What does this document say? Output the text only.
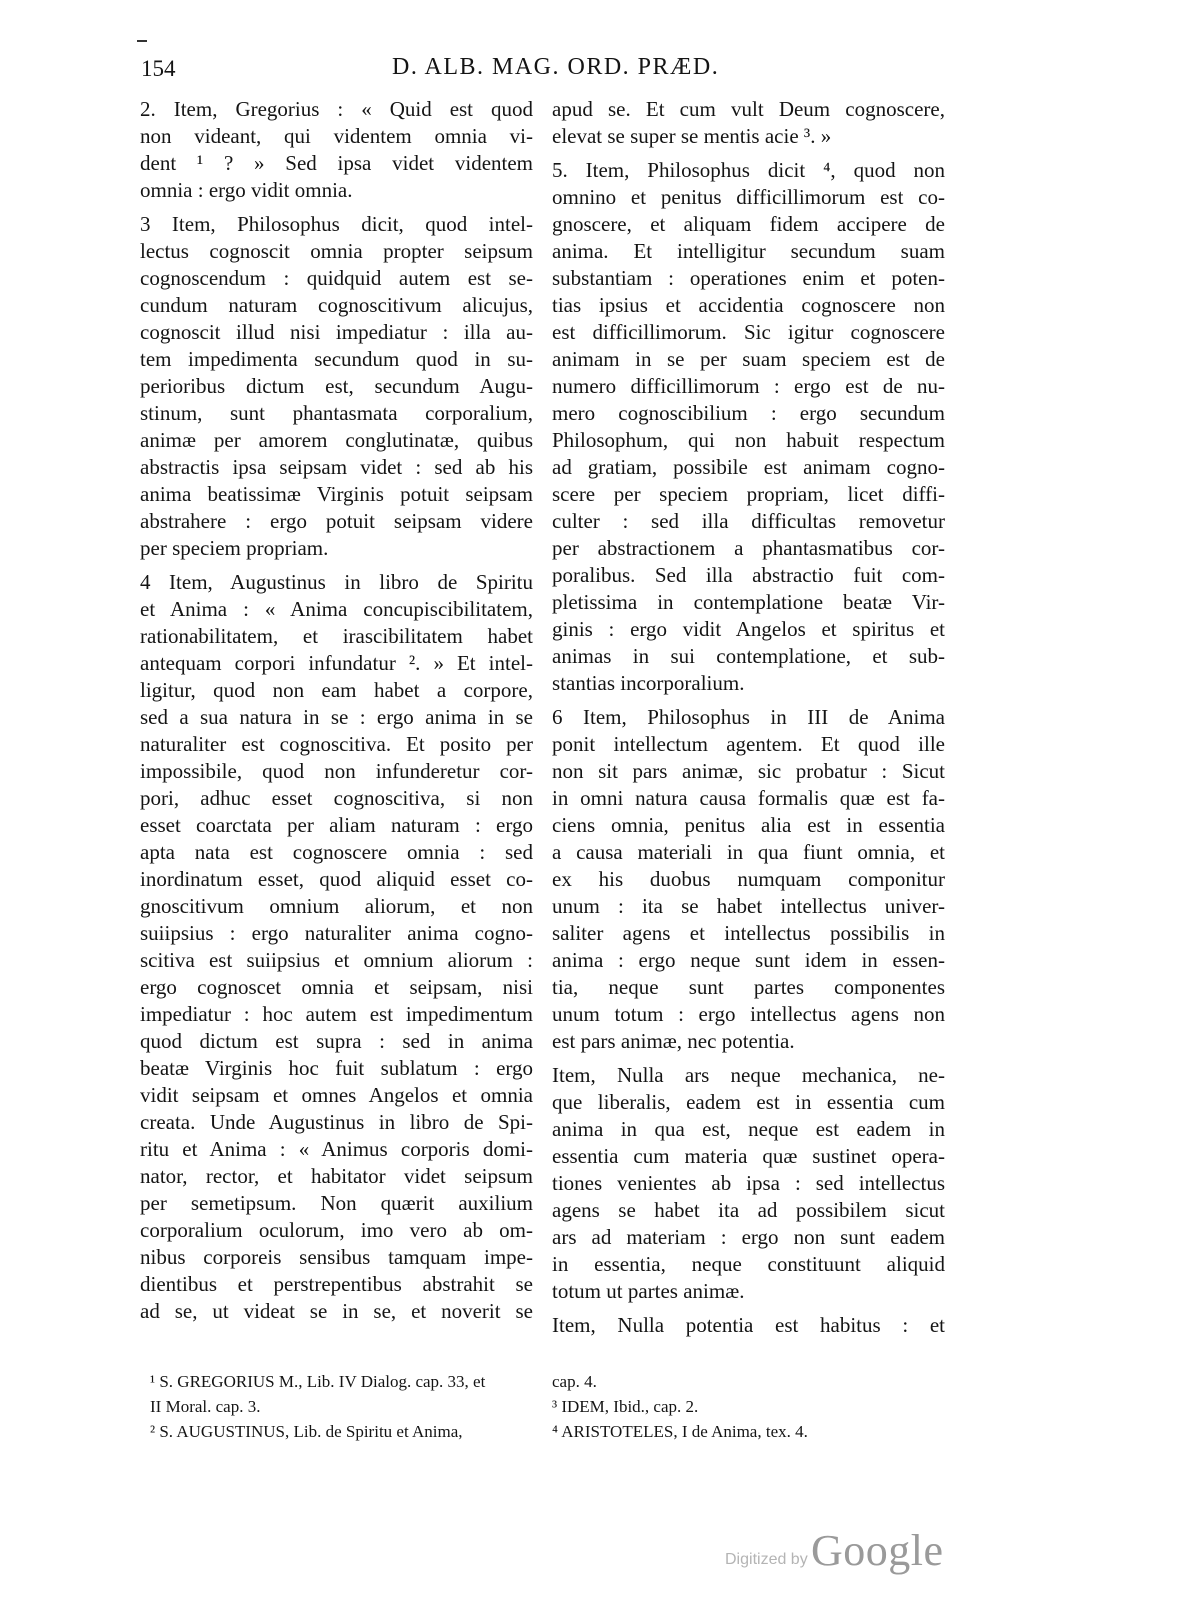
154	D. ALB. MAG. ORD. PRÆD.
2. Item, Gregorius : « Quid est quod
non videant, qui videntem omnia vi-
dent ¹ ? » Sed ipsa videt videntem
omnia : ergo vidit omnia.
3 Item, Philosophus dicit, quod intel-
lectus cognoscit omnia propter seipsum
cognoscendum : quidquid autem est se-
cundum naturam cognoscitivum alicujus,
cognoscit illud nisi impediatur : illa au-
tem impedimenta secundum quod in su-
perioribus dictum est, secundum Augu-
stinum, sunt phantasmata corporalium,
animæ per amorem conglutinatæ, quibus
abstractis ipsa seipsam videt : sed ab his
anima beatissimæ Virginis potuit seipsam
abstrahere : ergo potuit seipsam videre
per speciem propriam.
4 Item, Augustinus in libro de Spiritu
et Anima : « Anima concupiscibilitatem,
rationabilitatem, et irascibilitatem habet
antequam corpori infundatur ². » Et intel-
ligitur, quod non eam habet a corpore,
sed a sua natura in se : ergo anima in se
naturaliter est cognoscitiva. Et posito per
impossibile, quod non infunderetur cor-
pori, adhuc esset cognoscitiva, si non
esset coarctata per aliam naturam : ergo
apta nata est cognoscere omnia : sed
inordinatum esset, quod aliquid esset co-
gnoscitivum omnium aliorum, et non
suiipsius : ergo naturaliter anima cogno-
scitiva est suiipsius et omnium aliorum :
ergo cognoscet omnia et seipsam, nisi
impediatur : hoc autem est impedimentum
quod dictum est supra : sed in anima
beatæ Virginis hoc fuit sublatum : ergo
vidit seipsam et omnes Angelos et omnia
creata. Unde Augustinus in libro de Spi-
ritu et Anima : « Animus corporis domi-
nator, rector, et habitator videt seipsum
per semetipsum. Non quærit auxilium
corporalium oculorum, imo vero ab om-
nibus corporeis sensibus tamquam impe-
dientibus et perstrepentibus abstrahit se
ad se, ut videat se in se, et noverit se
apud se. Et cum vult Deum cognoscere,
elevat se super se mentis acie ³. »
5. Item, Philosophus dicit ⁴, quod non
omnino et penitus difficillimorum est co-
gnoscere, et aliquam fidem accipere de
anima. Et intelligitur secundum suam
substantiam : operationes enim et poten-
tias ipsius et accidentia cognoscere non
est difficillimorum. Sic igitur cognoscere
animam in se per suam speciem est de
numero difficillimorum : ergo est de nu-
mero cognoscibilium : ergo secundum
Philosophum, qui non habuit respectum
ad gratiam, possibile est animam cogno-
scere per speciem propriam, licet diffi-
culter : sed illa difficultas removetur
per abstractionem a phantasmatibus cor-
poralibus. Sed illa abstractio fuit com-
pletissima in contemplatione beatæ Vir-
ginis : ergo vidit Angelos et spiritus et
animas in sui contemplatione, et sub-
stantias incorporalium.
6 Item, Philosophus in III de Anima
ponit intellectum agentem. Et quod ille
non sit pars animæ, sic probatur : Sicut
in omni natura causa formalis quæ est fa-
ciens omnia, penitus alia est in essentia
a causa materiali in qua fiunt omnia, et
ex his duobus numquam componitur
unum : ita se habet intellectus univer-
saliter agens et intellectus possibilis in
anima : ergo neque sunt idem in essen-
tia, neque sunt partes componentes
unum totum : ergo intellectus agens non
est pars animæ, nec potentia.
Item, Nulla ars neque mechanica, ne-
que liberalis, eadem est in essentia cum
anima in qua est, neque est eadem in
essentia cum materia quæ sustinet opera-
tiones venientes ab ipsa : sed intellectus
agens se habet ita ad possibilem sicut
ars ad materiam : ergo non sunt eadem
in essentia, neque constituunt aliquid
totum ut partes animæ.
Item, Nulla potentia est habitus : et
¹ S. GREGORIUS M., Lib. IV Dialog. cap. 33, et
II Moral. cap. 3.
² S. AUGUSTINUS, Lib. de Spiritu et Anima,
cap. 4.
³ IDEM, Ibid., cap. 2.
⁴ ARISTOTELES, I de Anima, tex. 4.
Digitized by Google
